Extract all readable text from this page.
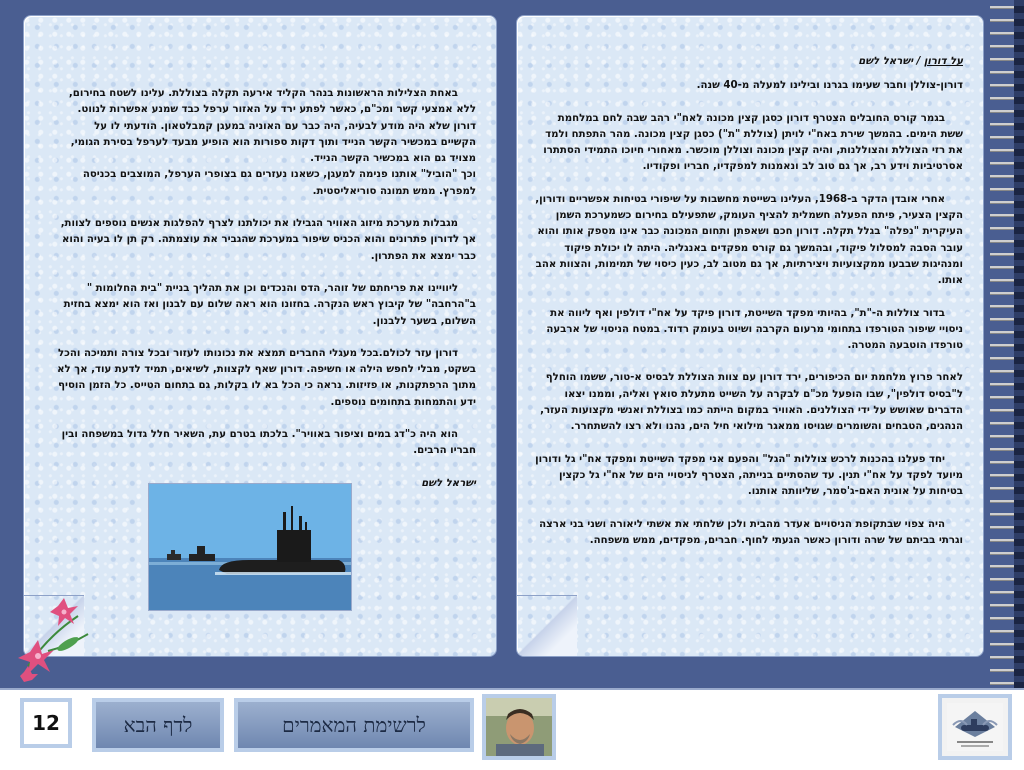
באחת הצלילות הראשונות בנהר הקליד אירעה תקלה בצוללת. עלינו לשטח בחירום, ללא אמצעי קשר ומכ"ם, כאשר לפתע ירד על האזור ערפל כבד שמנע אפשרות לנווט. דורון שלא היה מודע לבעיה, היה כבר עם האוניה במעגן קמבלטאון. הודעתי לו על הקשיים במכשיר הקשר הנייד ותוך דקות ספורות הוא הופיע מבעד לערפל בסירת הגומי, מצויד גם הוא במכשיר הקשר הנייד.

וכך "הוביל" אותנו פנימה למעגן, כשאנו נעזרים גם בצופרי הערפל, המוצבים בכניסה למפרץ. ממש תמונה סוריאליסטית.

מגבלות מערכת מיזוג האוויר הגבילו את יכולתנו לצרף להפלגות אנשים נוספים לצוות, אך לדורון פתרונים והוא הכניס שיפור במערכת שהגביר את עוצמתה. רק תן לו בעיה והוא כבר ימצא את הפתרון.

ליוויינו את פריחתם של זוהר, הדס והנכדים וכן את תהליך בניית "בית החלומות " ב"הרחבה" של קיבוץ ראש הנקרה. בחזונו הוא ראה שלום עם לבנון ואז הוא ימצא בחזית השלום, בשער ללבנון.

דורון עזר לכולם.בכל מעגלי החברים תמצא את נכונותו לעזור ובכל צורה ותמיכה והכל בשקט, מבלי לחפש הילה או חשיפה. דורון שאף לקצוות, לשיאים, תמיד לדעת עוד, אך לא מתוך הרפתקנות, או פזיזות. נראה כי הכל בא לו בקלות, גם בתחום הטייס. כל הזמן הוסיף ידע והתמחות בתחומים נוספים.

הוא היה כ"דג במים וציפור באוויר". בלכתו בטרם עת, השאיר חלל גדול במשפחה ובין חבריו הרבים.

ישראל לשם

על דורון / ישראל לשם

דורון-צוללן וחבר שעימו בגרנו ובילינו למעלה מ-40 שנה.

בגמר קורס החובלים הצטרף דורון כסגן קצין מכונה לאח"י רהב שבה לחם במלחמת ששת הימים. בהמשך שירת באח"י לויתן (צוללת "ת") כסגן קצין מכונה. מהר התפתח ולמד את רזי הצוללת והצוללנות, והיה קצין מכונה וצוללן מוכשר. מאחורי חיוכו התמידי הסתתרו אסרטיביות וידע רב, אך גם טוב לב ונאמנות למפקדיו, חבריו ופקודיו.

אחרי אובדן הדקר ב-1968, העלינו בשייטת מחשבות על שיפורי בטיחות אפשריים ודורון, הקצין הצעיר, פיתח הפעלה חשמלית להציף העומק, שתפעילם בחירום כשמערכת השמן העיקרית "נפלה" בגלל תקלה. דורון חכם ושאפתן ותחום המכונה כבר אינו מספק אותו והוא עובר הסבה למסלול פיקוד, ובהמשך גם קורס מפקדים באנגליה. היתה לו יכולת פיקוד ומנהיגות שבבעו ממקצועיות ויצירתיות, אך גם מטוב לב, כעין כיסוי של תמימות, והצוות אהב אותו.

בדור צוללות ה-"ת", בהיותי מפקד השייטת, דורון פיקד על אח"י דולפין ואף ליווה את ניסויי שיפור הטורפדו בתחומי מרעום הקרבה ושיוט בעומק רדוד. במטח הניסוי של ארבעה טורפדו הוטבעה המטרה.

לאחר פרוץ מלחמת יום הכיפורים, ירד דורון עם צוות הצוללת לבסיס א-טור, ששמו הוחלף ל"בסיס דולפין", שבו הופעל מכ"ם לבקרה על השייט מתעלת סואץ ואליה, וממנו יצאו הדברים שאושש על ידי הצוללנים. האוויר במקום הייתה כמו בצוללת ואנשי מקצועות העזר, הנהגים, הטבחים והשומרים שגויסו ממאגר מילואי חיל הים, נהנו ולא רצו להשתחרר.

יחד פעלנו בהכנות לרכש צוללות "הגל" והפעם אני מפקד השייטת ומפקד אח"י גל ודורון מיועד לפקד על אח"י תנין. עד שהסתיים בנייתה, הצטרף לניסויי הים של אח"י גל כקצין בטיחות על אונית האם-ג'סמר, שליוותה אותנו.

היה צפוי שבתקופת הניסויים אעדר מהבית ולכן שלחתי את אשתי ליאורה ושני בני ארצה וגרתי בביתם של שרה ודורון כאשר הגעתי לחוף. חברים, מפקדים, ממש משפחה.

12	לדף הבא	לרשימת המאמרים
